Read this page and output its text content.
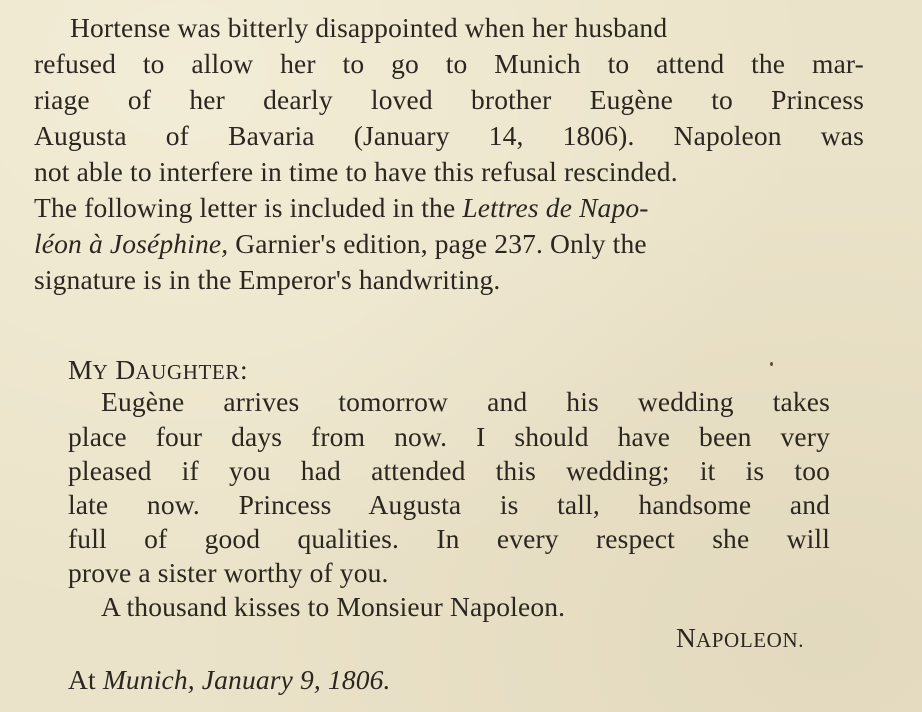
Hortense was bitterly disappointed when her husband
refused to allow her to go to Munich to attend the mar-
riage of her dearly loved brother Eugène to Princess
Augusta of Bavaria (January 14, 1806). Napoleon was
not able to interfere in time to have this refusal rescinded.
The following letter is included in the Lettres de Napo-
léon à Joséphine, Garnier's edition, page 237. Only the
signature is in the Emperor's handwriting.
MY DAUGHTER:
Eugène arrives tomorrow and his wedding takes
place four days from now. I should have been very
pleased if you had attended this wedding; it is too
late now. Princess Augusta is tall, handsome and
full of good qualities. In every respect she will
prove a sister worthy of you.
A thousand kisses to Monsieur Napoleon.
NAPOLEON.
At Munich, January 9, 1806.
